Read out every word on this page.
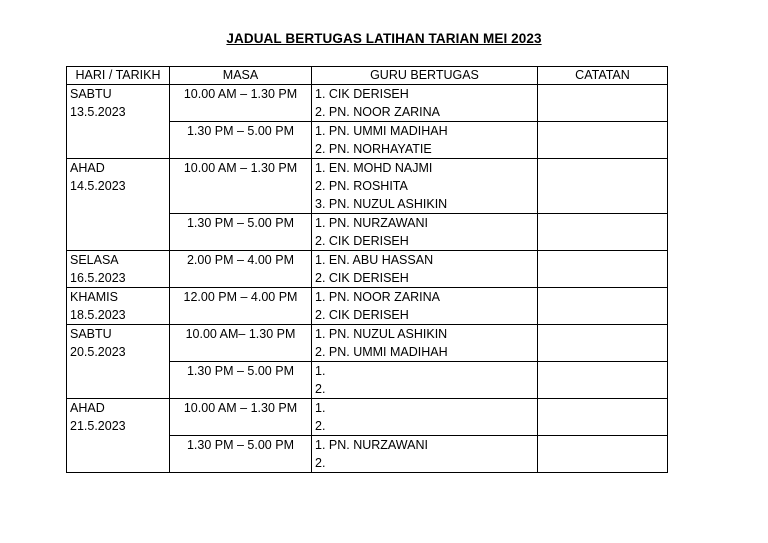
JADUAL BERTUGAS LATIHAN TARIAN MEI 2023
HARI / TARIKH	MASA	GURU BERTUGAS	CATATAN

SABTU
13.5.2023	10.00 AM – 1.30 PM	1. CIK DERISEH
2. PN. NOOR ZARINA	

	1.30 PM – 5.00 PM	1. PN. UMMI MADIHAH
2. PN. NORHAYATIE	

AHAD
14.5.2023	10.00 AM – 1.30 PM	1. EN. MOHD NAJMI
2. PN. ROSHITA
3. PN. NUZUL ASHIKIN	

	1.30 PM – 5.00 PM	1. PN. NURZAWANI
2. CIK DERISEH	

SELASA
16.5.2023	2.00 PM – 4.00 PM	1. EN. ABU HASSAN
2. CIK DERISEH	

KHAMIS
18.5.2023	12.00 PM – 4.00 PM	1. PN. NOOR ZARINA
2. CIK DERISEH	

SABTU
20.5.2023	10.00 AM– 1.30 PM	1. PN. NUZUL ASHIKIN
2. PN. UMMI MADIHAH	

	1.30 PM – 5.00 PM	1.
2.	

AHAD
21.5.2023	10.00 AM – 1.30 PM	1.
2.	

	1.30 PM – 5.00 PM	1. PN. NURZAWANI
2.	
